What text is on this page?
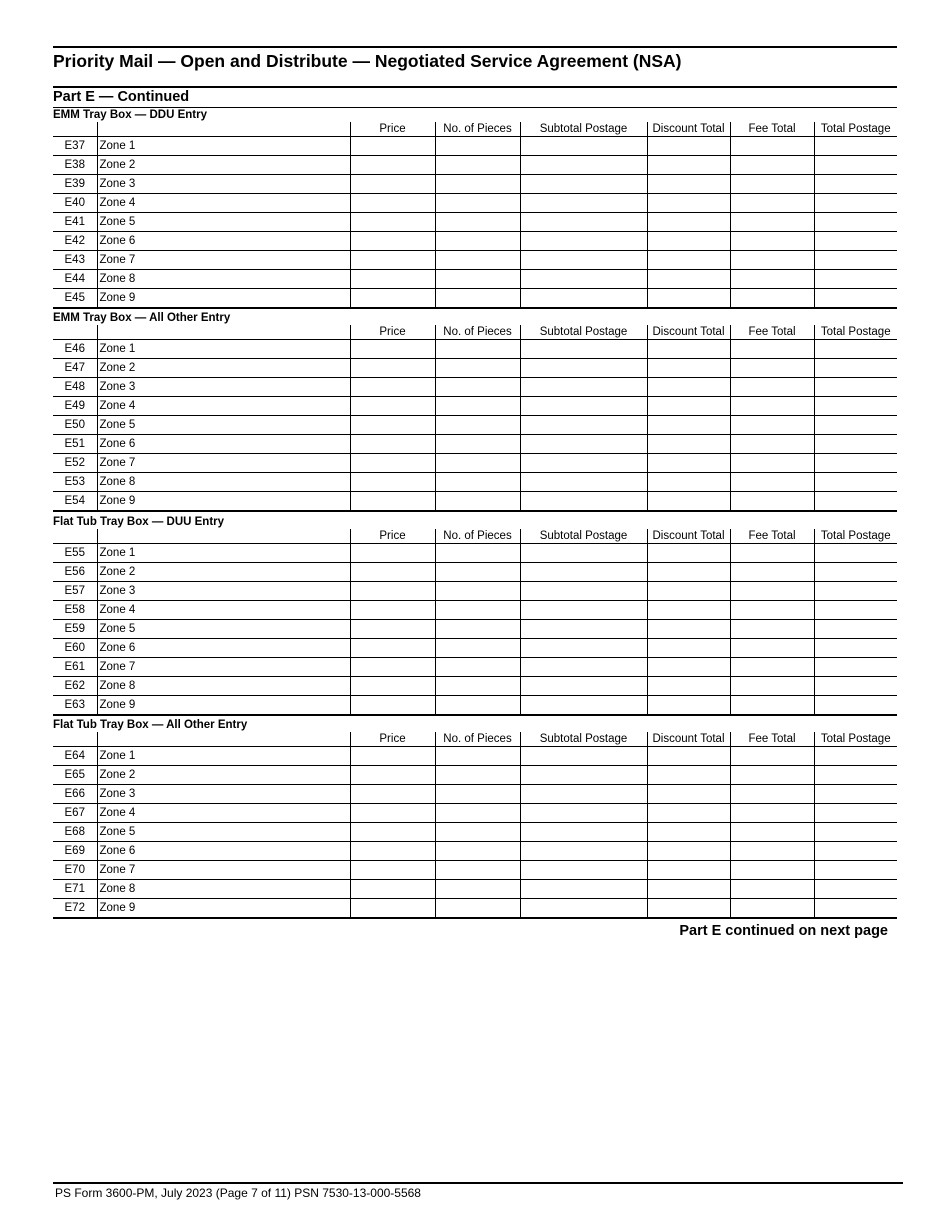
Priority Mail — Open and Distribute — Negotiated Service Agreement (NSA)
Part E — Continued
EMM Tray Box — DDU Entry
		Price	No. of Pieces	Subtotal Postage	Discount Total	Fee Total	Total Postage
E37	Zone 1						
E38	Zone 2						
E39	Zone 3						
E40	Zone 4						
E41	Zone 5						
E42	Zone 6						
E43	Zone 7						
E44	Zone 8						
E45	Zone 9						
EMM Tray Box — All Other Entry
		Price	No. of Pieces	Subtotal Postage	Discount Total	Fee Total	Total Postage
E46	Zone 1						
E47	Zone 2						
E48	Zone 3						
E49	Zone 4						
E50	Zone 5						
E51	Zone 6						
E52	Zone 7						
E53	Zone 8						
E54	Zone 9						
Flat Tub Tray Box — DUU Entry
		Price	No. of Pieces	Subtotal Postage	Discount Total	Fee Total	Total Postage
E55	Zone 1						
E56	Zone 2						
E57	Zone 3						
E58	Zone 4						
E59	Zone 5						
E60	Zone 6						
E61	Zone 7						
E62	Zone 8						
E63	Zone 9						
Flat Tub Tray Box — All Other Entry
		Price	No. of Pieces	Subtotal Postage	Discount Total	Fee Total	Total Postage
E64	Zone 1						
E65	Zone 2						
E66	Zone 3						
E67	Zone 4						
E68	Zone 5						
E69	Zone 6						
E70	Zone 7						
E71	Zone 8						
E72	Zone 9						
Part E continued on next page
PS Form 3600-PM, July 2023 (Page 7 of 11) PSN 7530-13-000-5568
